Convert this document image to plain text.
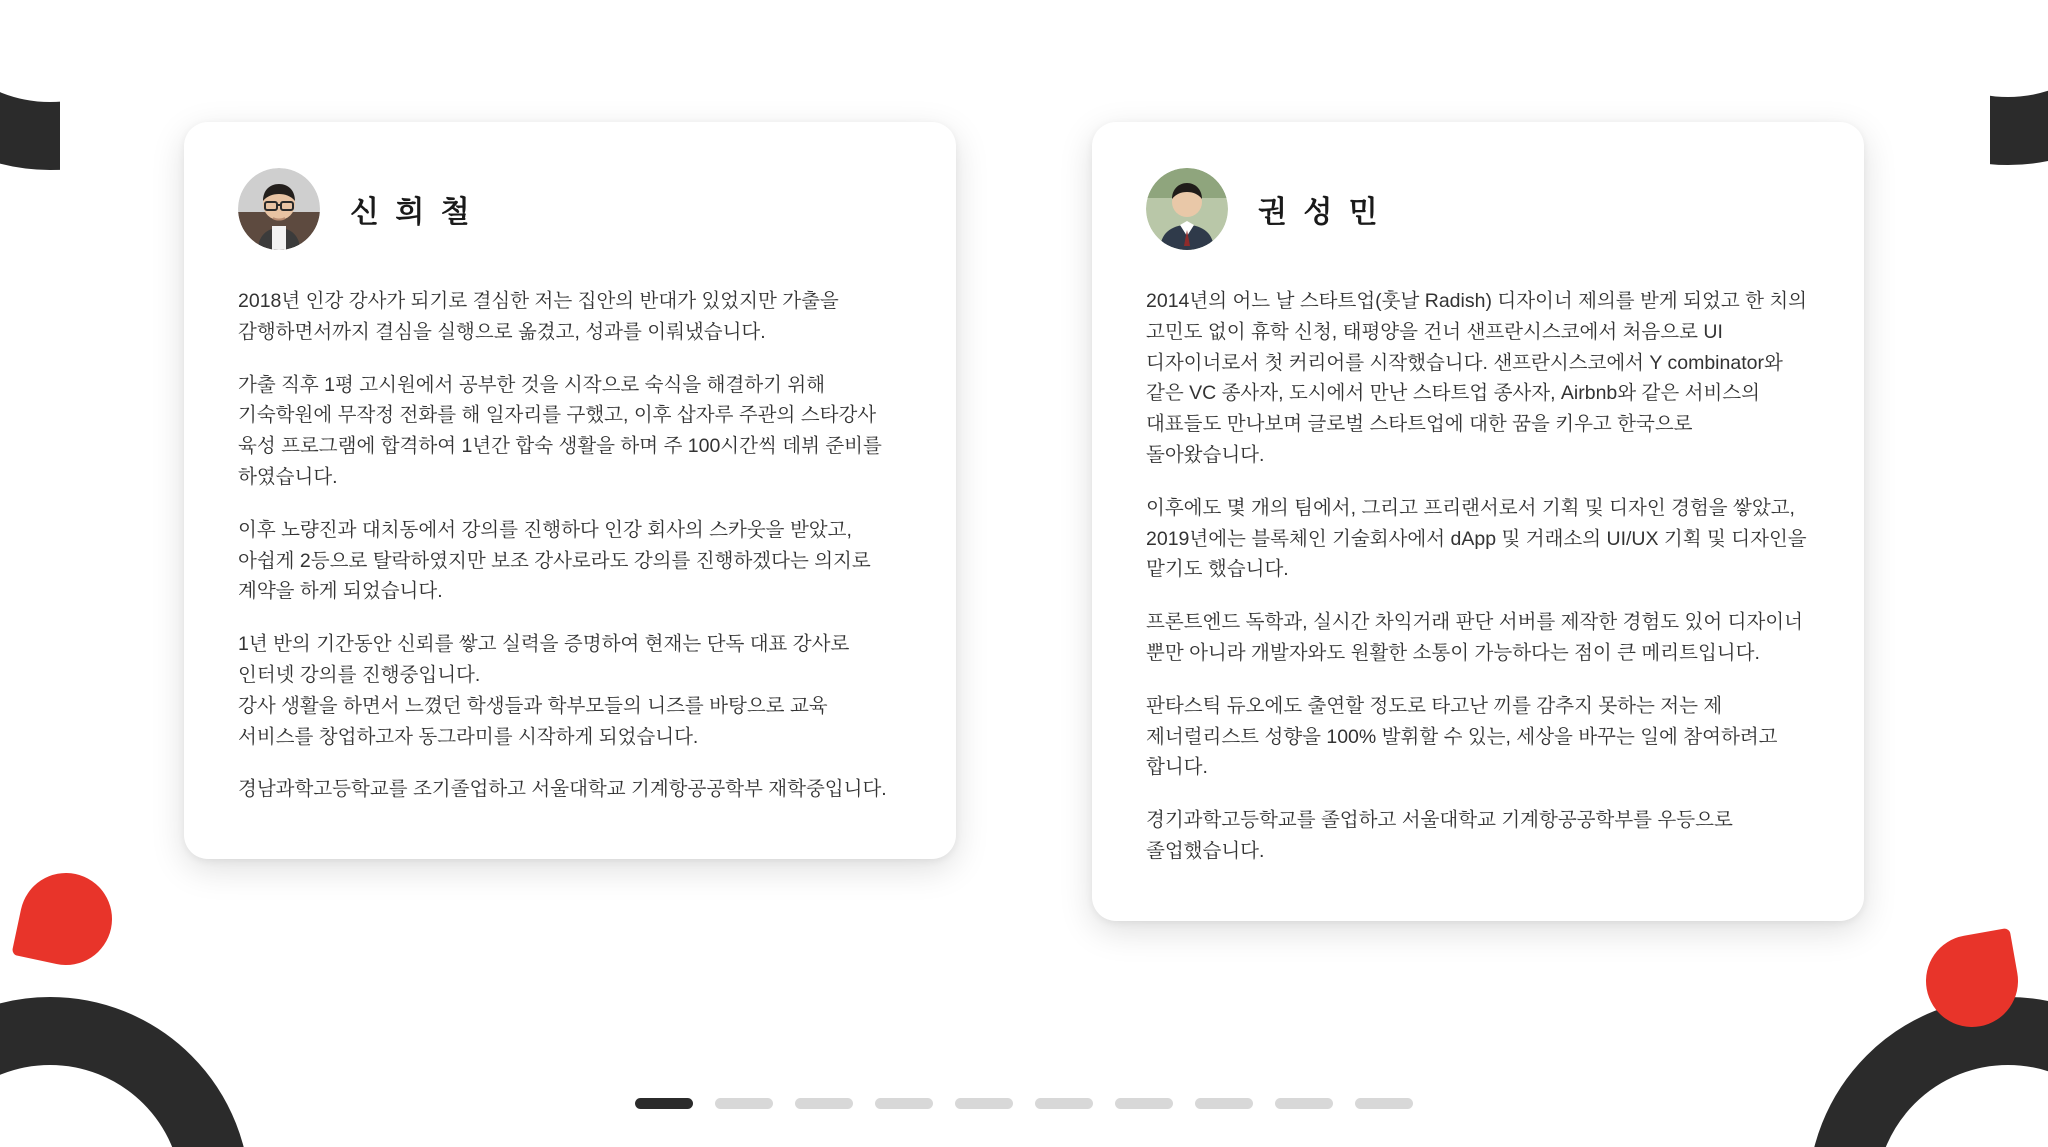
신 희 철

2018년 인강 강사가 되기로 결심한 저는 집안의 반대가 있었지만 가출을 감행하면서까지 결심을 실행으로 옮겼고, 성과를 이뤄냈습니다.

가출 직후 1평 고시원에서 공부한 것을 시작으로 숙식을 해결하기 위해 기숙학원에 무작정 전화를 해 일자리를 구했고, 이후 삽자루 주관의 스타강사 육성 프로그램에 합격하여 1년간 합숙 생활을 하며 주 100시간씩 데뷔 준비를 하였습니다.

이후 노량진과 대치동에서 강의를 진행하다 인강 회사의 스카웃을 받았고, 아쉽게 2등으로 탈락하였지만 보조 강사로라도 강의를 진행하겠다는 의지로 계약을 하게 되었습니다.

1년 반의 기간동안 신뢰를 쌓고 실력을 증명하여 현재는 단독 대표 강사로 인터넷 강의를 진행중입니다.

강사 생활을 하면서 느꼈던 학생들과 학부모들의 니즈를 바탕으로 교육 서비스를 창업하고자 동그라미를 시작하게 되었습니다.

경남과학고등학교를 조기졸업하고 서울대학교 기계항공공학부 재학중입니다.

권 성 민

2014년의 어느 날 스타트업(훗날 Radish) 디자이너 제의를 받게 되었고 한 치의 고민도 없이 휴학 신청, 태평양을 건너 샌프란시스코에서 처음으로 UI 디자이너로서 첫 커리어를 시작했습니다. 샌프란시스코에서 Y combinator와 같은 VC 종사자, 도시에서 만난 스타트업 종사자, Airbnb와 같은 서비스의 대표들도 만나보며 글로벌 스타트업에 대한 꿈을 키우고 한국으로 돌아왔습니다.

이후에도 몇 개의 팀에서, 그리고 프리랜서로서 기획 및 디자인 경험을 쌓았고, 2019년에는 블록체인 기술회사에서 dApp 및 거래소의 UI/UX 기획 및 디자인을 맡기도 했습니다.

프론트엔드 독학과, 실시간 차익거래 판단 서버를 제작한 경험도 있어 디자이너 뿐만 아니라 개발자와도 원활한 소통이 가능하다는 점이 큰 메리트입니다.

판타스틱 듀오에도 출연할 정도로 타고난 끼를 감추지 못하는 저는 제 제너럴리스트 성향을 100% 발휘할 수 있는, 세상을 바꾸는 일에 참여하려고 합니다.

경기과학고등학교를 졸업하고 서울대학교 기계항공공학부를 우등으로 졸업했습니다.
